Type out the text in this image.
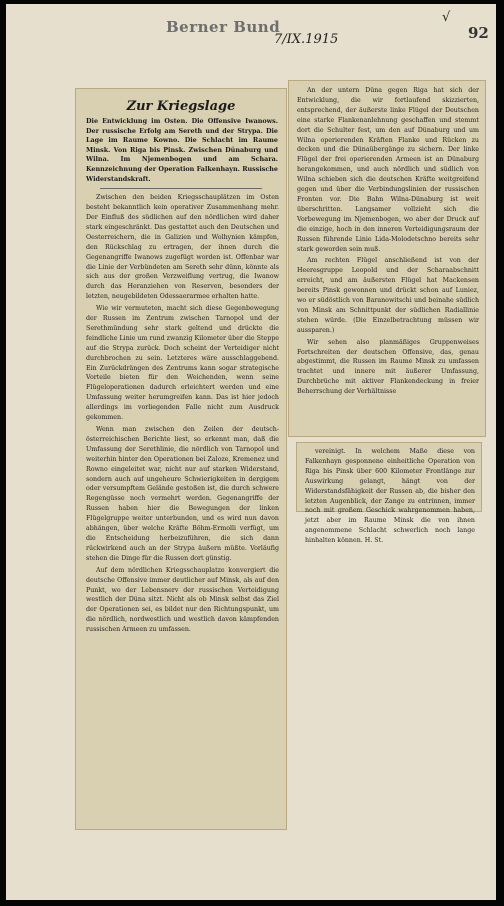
Berner Bund
7/IX.1915
√
92
Zur Kriegslage
Die Entwicklung im Osten. Die Offensive Iwanows. Der russische Erfolg am Sereth und der Strypa. Die Lage im Raume Kowno. Die Schlacht im Raume Minsk. Von Riga bis Pinsk. Zwischen Dünaburg und Wilna. Im Njemenbogen und am Schara. Kennzeichnung der Operation Falkenhayn. Russische Widerstandskraft.

Zwischen den beiden Kriegsschauplätzen im Osten besteht bekanntlich kein operativer Zusammenhang mehr. Der Einfluß des südlichen auf den nördlichen wird daher stark eingeschränkt. Das gestattet auch den Deutschen und Oesterreichern, die in Galizien und Wolhynien kämpfen, den Rückschlag zu ertragen, der ihnen durch die Gegenangriffe Iwanows zugefügt worden ist. Offenbar war die Linie der Verbündeten am Sereth sehr dünn, könnte als sich aus der großen Verzweiflung vertrug, die Iwanow durch das Heranziehen von Reserven, besonders der letzten, neugebildeten Odessaerarmee erhalten hatte.

Wie wir vermuteten, macht sich diese Gegenbewegung der Russen im Zentrum zwischen Tarnopol und der Serethmündung sehr stark geltend und drückte die feindliche Linie um rund zwanzig Kilometer über die Steppe auf die Strypa zurück. Doch scheint der Verteidiger nicht durchbrochen zu sein. Letzteres wäre ausschlaggebend. Ein Zurückdrängen des Zentrums kann sogar strategische Vorteile bieten für den Weichenden, wenn seine Flügeloperationen dadurch erleichtert werden und eine Umfassung weiter herumgreifen kann. Das ist hier jedoch allerdings im vorliegenden Falle nicht zum Ausdruck gekommen.

Wenn man zwischen den Zeilen der deutsch-österreichischen Berichte liest, so erkennt man, daß die Umfassung der Serethlinie, die nördlich von Tarnopol und weiterhin hinter den Operationen bei Zaloze, Kremenez und Rowno eingeleitet war, nicht nur auf starken Widerstand, sondern auch auf ungeheure Schwierigkeiten in dergigem oder versumpftem Gelände gestoßen ist, die durch schwere Regengüsse noch vermehrt werden. Gegenangriffe der Russen haben hier die Bewegungen der linken Flügelgruppe weiter unterbunden, und es wird nun davon abhängen, über welche Kräfte Böhm-Ermolli verfügt, um die Entscheidung herbeizuführen, die sich dann rückwirkend auch an der Strypa äußern müßte. Vorläufig stehen die Dinge für die Russen dort günstig.

Auf dem nördlichen Kriegsschauplatze konvergiert die deutsche Offensive immer deutlicher auf Minsk, als auf den Punkt, wo der Lebensnerv der russischen Verteidigung westlich der Düna sitzt. Nicht als ob Minsk selbst das Ziel der Operationen sei, es bildet nur den Richtungspunkt, um die nördlich, nordwestlich und westlich davon kämpfenden russischen Armeen zu umfassen.

An der untern Düna gegen Riga hat sich der Entwicklung, die wir fortlaufend skizzierten, entsprechend, der äußerste linke Flügel der Deutschen eine starke Flankenanlehnung geschaffen und stemmt dort die Schulter fest, um den auf Dünaburg und um Wilna operierenden Kräften Flanke und Rücken zu decken und die Dünaübergänge zu sichern. Der linke Flügel der frei operierenden Armeen ist an Dünaburg herangekommen, und auch nördlich und südlich von Wilna schieben sich die deutschen Kräfte weitgreifend gegen und über die Verbindungslinien der russischen Fronten vor. Die Bahn Wilna-Dünaburg ist weit überschritten. Langsamer vollzieht sich die Vorbewegung im Njemenbogen, wo aber der Druck auf die einzige, hoch in den inneren Verteidigungsraum der Russen führende Linie Lida-Molodetschno bereits sehr stark geworden sein muß.

Am rechten Flügel anschließend ist von der Heeresgruppe Leopold und der Scharaabschnitt erreicht, und am äußersten Flügel hat Mackensen bereits Pinsk gewonnen und drückt schon auf Luniez, wo er südöstlich von Baranowitschi und beinahe südlich von Minsk am Schnittpunkt der südlichen Radiallinie stehen würde. (Die Einzelbetrachtung müssen wir aussparen.)

Wir sehen also planmäßiges Gruppenweises Fortschreiten der deutschen Offensive, das, genau abgestimmt, die Russen im Raume Minsk zu umfassen trachtet und innere mit äußerer Umfassung, Durchbrüche mit aktiver Flankendeckung in freier Beherrschung der Verhältnisse

vereinigt. In welchem Maße diese von Falkenhayn gesponnene einheitliche Operation von Riga bis Pinsk über 600 Kilometer Frontlänge zur Auswirkung gelangt, hängt von der Widerstandsfähigkeit der Russen ab, die bisher den letzten Augenblick, der Zange zu entrinnen, immer noch mit großem Geschick wahrgenommen haben, jetzt aber im Raume Minsk die von ihnen angenommene Schlacht schwerlich noch lange hinhalten können. H. St.
